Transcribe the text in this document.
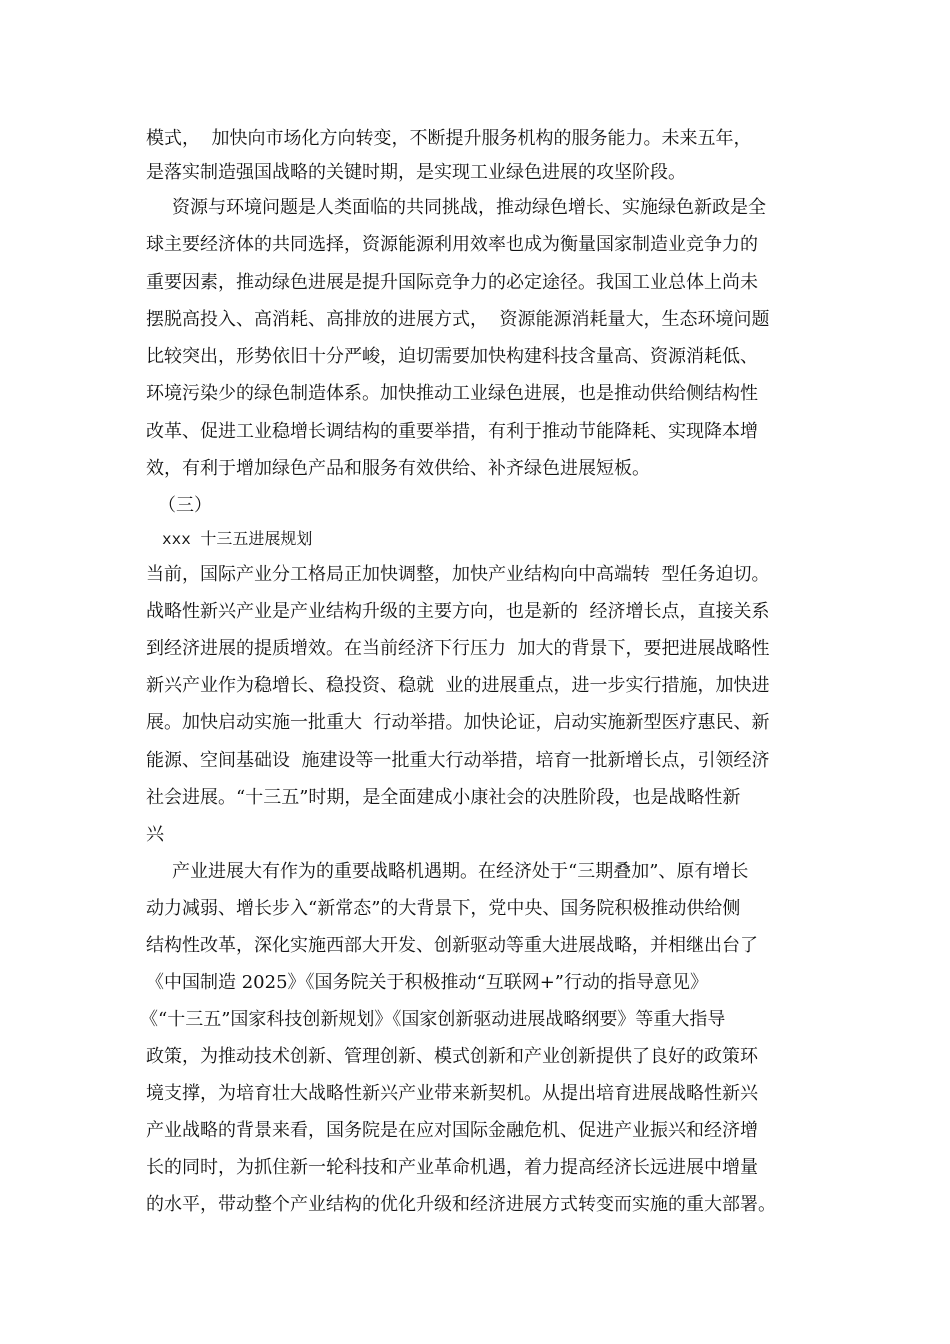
模式，  加快向市场化方向转变，不断提升服务机构的服务能力。未来五年，
是落实制造强国战略的关键时期，是实现工业绿色进展的攻坚阶段。
资源与环境问题是人类面临的共同挑战，推动绿色增长、实施绿色新政是全
球主要经济体的共同选择，资源能源利用效率也成为衡量国家制造业竞争力的
重要因素，推动绿色进展是提升国际竞争力的必定途径。我国工业总体上尚未
摆脱高投入、高消耗、高排放的进展方式，  资源能源消耗量大，生态环境问题
比较突出，形势依旧十分严峻，迫切需要加快构建科技含量高、资源消耗低、
环境污染少的绿色制造体系。加快推动工业绿色进展，也是推动供给侧结构性
改革、促进工业稳增长调结构的重要举措，有利于推动节能降耗、实现降本增
效，有利于增加绿色产品和服务有效供给、补齐绿色进展短板。
（三）
xxx 十三五进展规划
当前，国际产业分工格局正加快调整，加快产业结构向中高端转  型任务迫切。
战略性新兴产业是产业结构升级的主要方向，也是新的  经济增长点，直接关系
到经济进展的提质增效。在当前经济下行压力  加大的背景下，要把进展战略性
新兴产业作为稳增长、稳投资、稳就  业的进展重点，进一步实行措施，加快进
展。加快启动实施一批重大  行动举措。加快论证，启动实施新型医疗惠民、新
能源、空间基础设  施建设等一批重大行动举措，培育一批新增长点，引领经济
社会进展。“十三五”时期，是全面建成小康社会的决胜阶段，也是战略性新
兴
产业进展大有作为的重要战略机遇期。在经济处于“三期叠加”、原有增长
动力减弱、增长步入“新常态”的大背景下，党中央、国务院积极推动供给侧
结构性改革，深化实施西部大开发、创新驱动等重大进展战略，并相继出台了
《中国制造 2025》《国务院关于积极推动“互联网+”行动的指导意见》
《“十三五”国家科技创新规划》《国家创新驱动进展战略纲要》等重大指导
政策，为推动技术创新、管理创新、模式创新和产业创新提供了良好的政策环
境支撑，为培育壮大战略性新兴产业带来新契机。从提出培育进展战略性新兴
产业战略的背景来看，国务院是在应对国际金融危机、促进产业振兴和经济增
长的同时，为抓住新一轮科技和产业革命机遇，着力提高经济长远进展中增量
的水平，带动整个产业结构的优化升级和经济进展方式转变而实施的重大部署。
